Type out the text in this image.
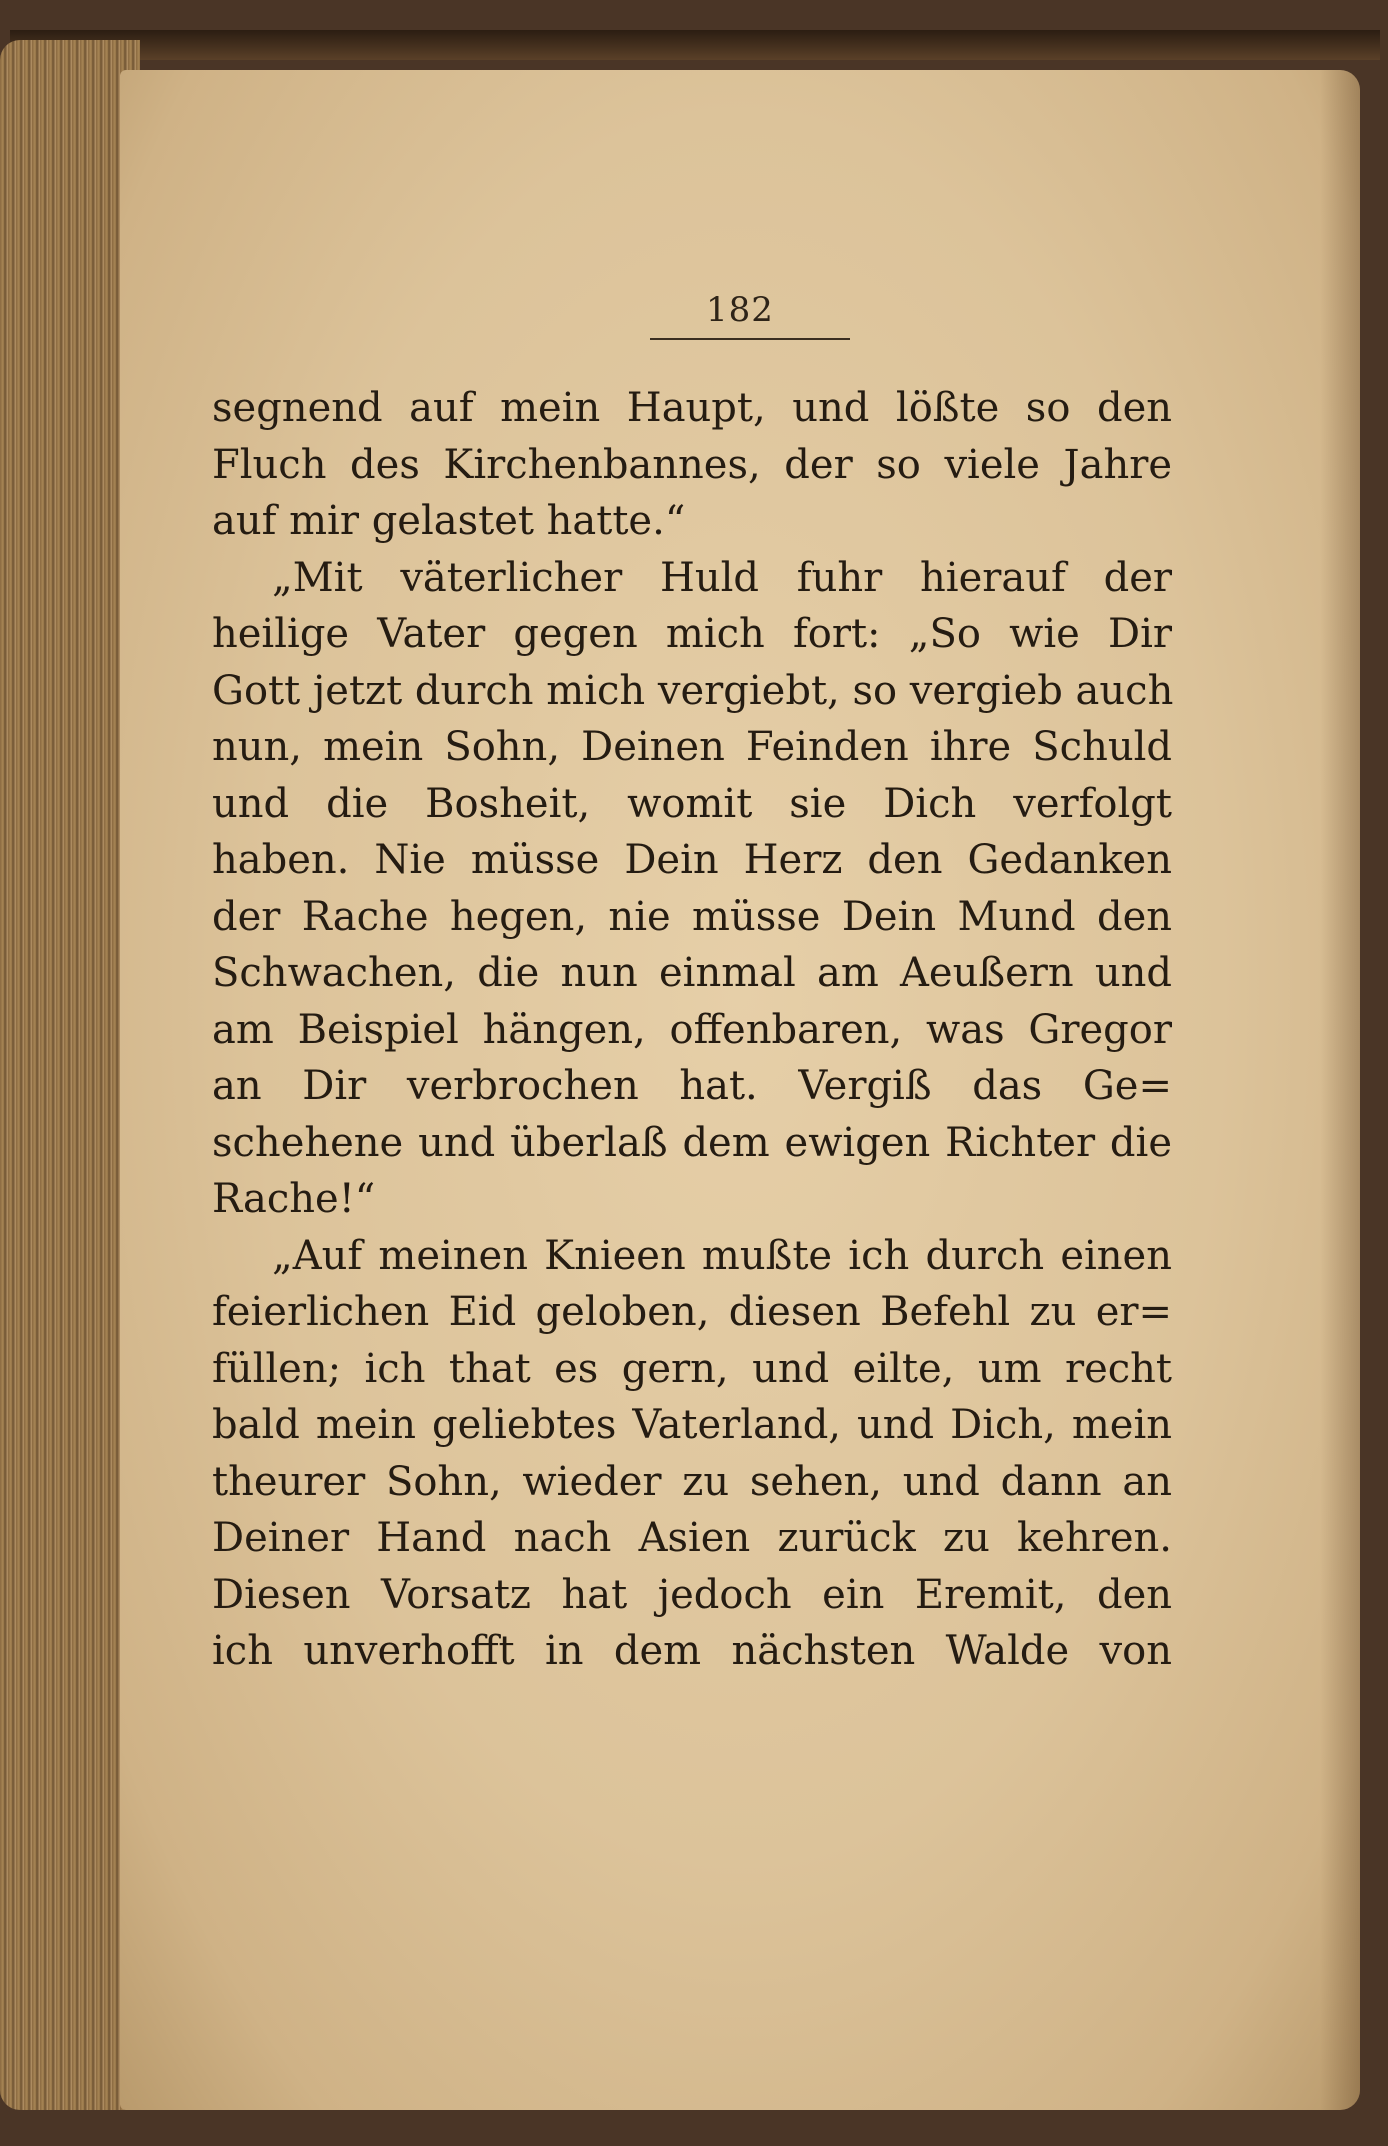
182
segnend auf mein Haupt, und lößte so den
Fluch des Kirchenbannes, der so viele Jahre
auf mir gelastet hatte.“
„Mit väterlicher Huld fuhr hierauf der
heilige Vater gegen mich fort: „So wie Dir
Gott jetzt durch mich vergiebt, so vergieb auch
nun, mein Sohn, Deinen Feinden ihre Schuld
und die Bosheit, womit sie Dich verfolgt
haben. Nie müsse Dein Herz den Gedanken
der Rache hegen, nie müsse Dein Mund den
Schwachen, die nun einmal am Aeußern und
am Beispiel hängen, offenbaren, was Gregor
an Dir verbrochen hat. Vergiß das Ge=
schehene und überlaß dem ewigen Richter die
Rache!“
„Auf meinen Knieen mußte ich durch einen
feierlichen Eid geloben, diesen Befehl zu er=
füllen; ich that es gern, und eilte, um recht
bald mein geliebtes Vaterland, und Dich, mein
theurer Sohn, wieder zu sehen, und dann an
Deiner Hand nach Asien zurück zu kehren.
Diesen Vorsatz hat jedoch ein Eremit, den
ich unverhofft in dem nächsten Walde von
